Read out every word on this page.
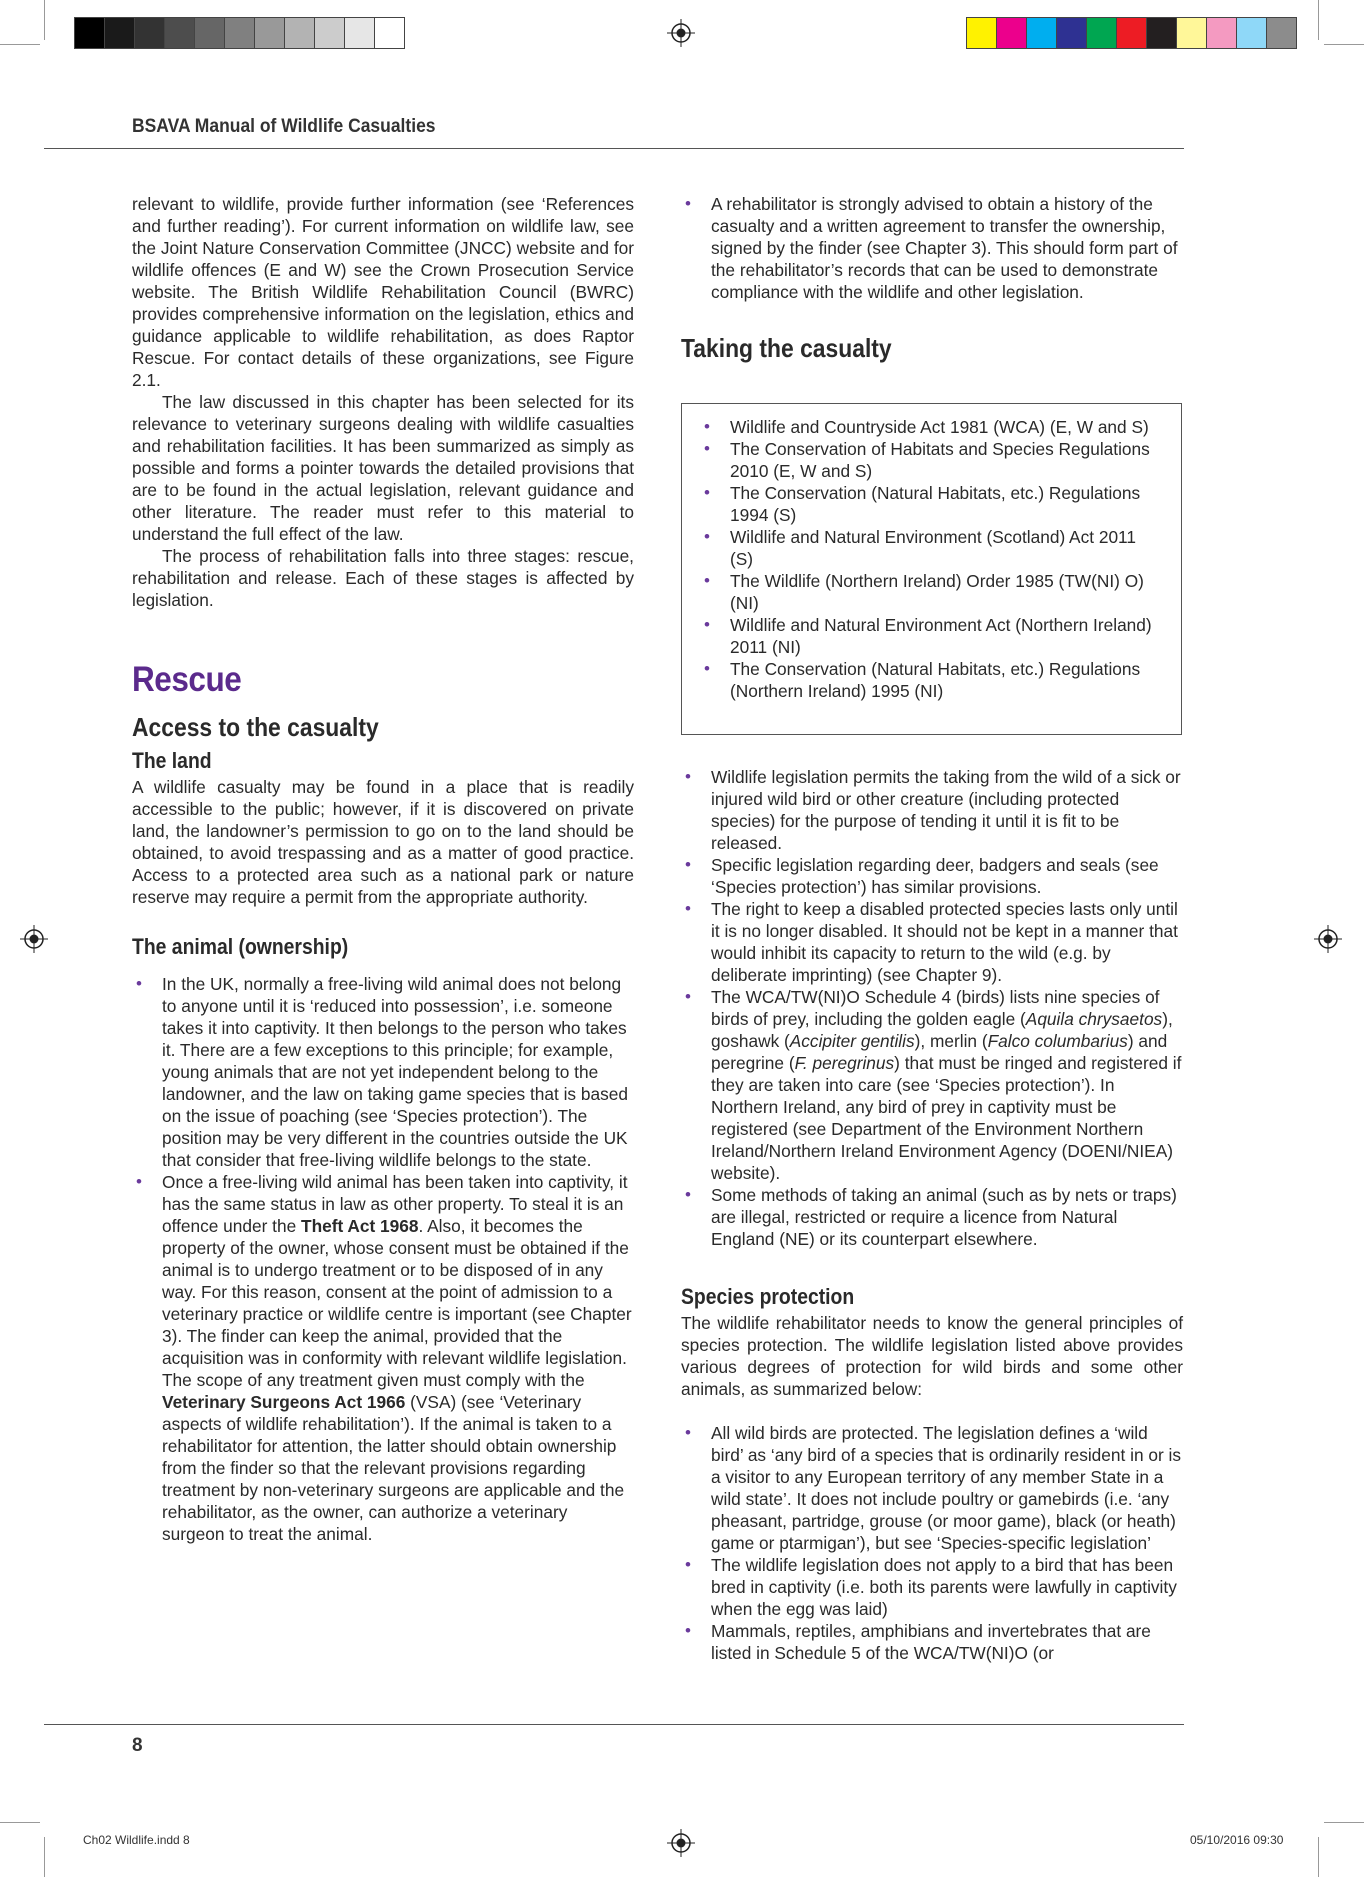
BSAVA Manual of Wildlife Casualties

relevant to wildlife, provide further information (see ‘References and further reading’). For current information on wildlife law, see the Joint Nature Conservation Committee (JNCC) website and for wildlife offences (E and W) see the Crown Prosecution Service website. The British Wildlife Rehabilitation Council (BWRC) provides comprehensive information on the legislation, ethics and guidance applicable to wildlife rehabilitation, as does Raptor Rescue. For contact details of these organizations, see Figure 2.1.

The law discussed in this chapter has been selected for its relevance to veterinary surgeons dealing with wildlife casualties and rehabilitation facilities. It has been summarized as simply as possible and forms a pointer towards the detailed provisions that are to be found in the actual legislation, relevant guidance and other literature. The reader must refer to this material to understand the full effect of the law.

The process of rehabilitation falls into three stages: rescue, rehabilitation and release. Each of these stages is affected by legislation.

Rescue
Access to the casualty
The land

A wildlife casualty may be found in a place that is readily accessible to the public; however, if it is discovered on private land, the landowner’s permission to go on to the land should be obtained, to avoid trespassing and as a matter of good practice. Access to a protected area such as a national park or nature reserve may require a permit from the appropriate authority.

The animal (ownership)
• In the UK, normally a free-living wild animal does not belong to anyone until it is ‘reduced into possession’, i.e. someone takes it into captivity. It then belongs to the person who takes it. There are a few exceptions to this principle; for example, young animals that are not yet independent belong to the landowner, and the law on taking game species that is based on the issue of poaching (see ‘Species protection’). The position may be very different in the countries outside the UK that consider that free-living wildlife belongs to the state.
• Once a free-living wild animal has been taken into captivity, it has the same status in law as other property. To steal it is an offence under the Theft Act 1968. Also, it becomes the property of the owner, whose consent must be obtained if the animal is to undergo treatment or to be disposed of in any way. For this reason, consent at the point of admission to a veterinary practice or wildlife centre is important (see Chapter 3). The finder can keep the animal, provided that the acquisition was in conformity with relevant wildlife legislation. The scope of any treatment given must comply with the Veterinary Surgeons Act 1966 (VSA) (see ‘Veterinary aspects of wildlife rehabilitation’). If the animal is taken to a rehabilitator for attention, the latter should obtain ownership from the finder so that the relevant provisions regarding treatment by non-veterinary surgeons are applicable and the rehabilitator, as the owner, can authorize a veterinary surgeon to treat the animal.
• A rehabilitator is strongly advised to obtain a history of the casualty and a written agreement to transfer the ownership, signed by the finder (see Chapter 3). This should form part of the rehabilitator’s records that can be used to demonstrate compliance with the wildlife and other legislation.
Taking the casualty
• Wildlife and Countryside Act 1981 (WCA) (E, W and S)
• The Conservation of Habitats and Species Regulations 2010 (E, W and S)
• The Conservation (Natural Habitats, etc.) Regulations 1994 (S)
• Wildlife and Natural Environment (Scotland) Act 2011 (S)
• The Wildlife (Northern Ireland) Order 1985 (TW(NI) O) (NI)
• Wildlife and Natural Environment Act (Northern Ireland) 2011 (NI)
• The Conservation (Natural Habitats, etc.) Regulations (Northern Ireland) 1995 (NI)
• Wildlife legislation permits the taking from the wild of a sick or injured wild bird or other creature (including protected species) for the purpose of tending it until it is fit to be released.
• Specific legislation regarding deer, badgers and seals (see ‘Species protection’) has similar provisions.
• The right to keep a disabled protected species lasts only until it is no longer disabled. It should not be kept in a manner that would inhibit its capacity to return to the wild (e.g. by deliberate imprinting) (see Chapter 9).
• The WCA/TW(NI)O Schedule 4 (birds) lists nine species of birds of prey, including the golden eagle (Aquila chrysaetos), goshawk (Accipiter gentilis), merlin (Falco columbarius) and peregrine (F. peregrinus) that must be ringed and registered if they are taken into care (see ‘Species protection’). In Northern Ireland, any bird of prey in captivity must be registered (see Department of the Environment Northern Ireland/Northern Ireland Environment Agency (DOENI/NIEA) website).
• Some methods of taking an animal (such as by nets or traps) are illegal, restricted or require a licence from Natural England (NE) or its counterpart elsewhere.
Species protection

The wildlife rehabilitator needs to know the general principles of species protection. The wildlife legislation listed above provides various degrees of protection for wild birds and some other animals, as summarized below:

• All wild birds are protected. The legislation defines a ‘wild bird’ as ‘any bird of a species that is ordinarily resident in or is a visitor to any European territory of any member State in a wild state’. It does not include poultry or gamebirds (i.e. ‘any pheasant, partridge, grouse (or moor game), black (or heath) game or ptarmigan’), but see ‘Species-specific legislation’
• The wildlife legislation does not apply to a bird that has been bred in captivity (i.e. both its parents were lawfully in captivity when the egg was laid)
• Mammals, reptiles, amphibians and invertebrates that are listed in Schedule 5 of the WCA/TW(NI)O (or
8
Ch02 Wildlife.indd 8	05/10/2016 09:30
